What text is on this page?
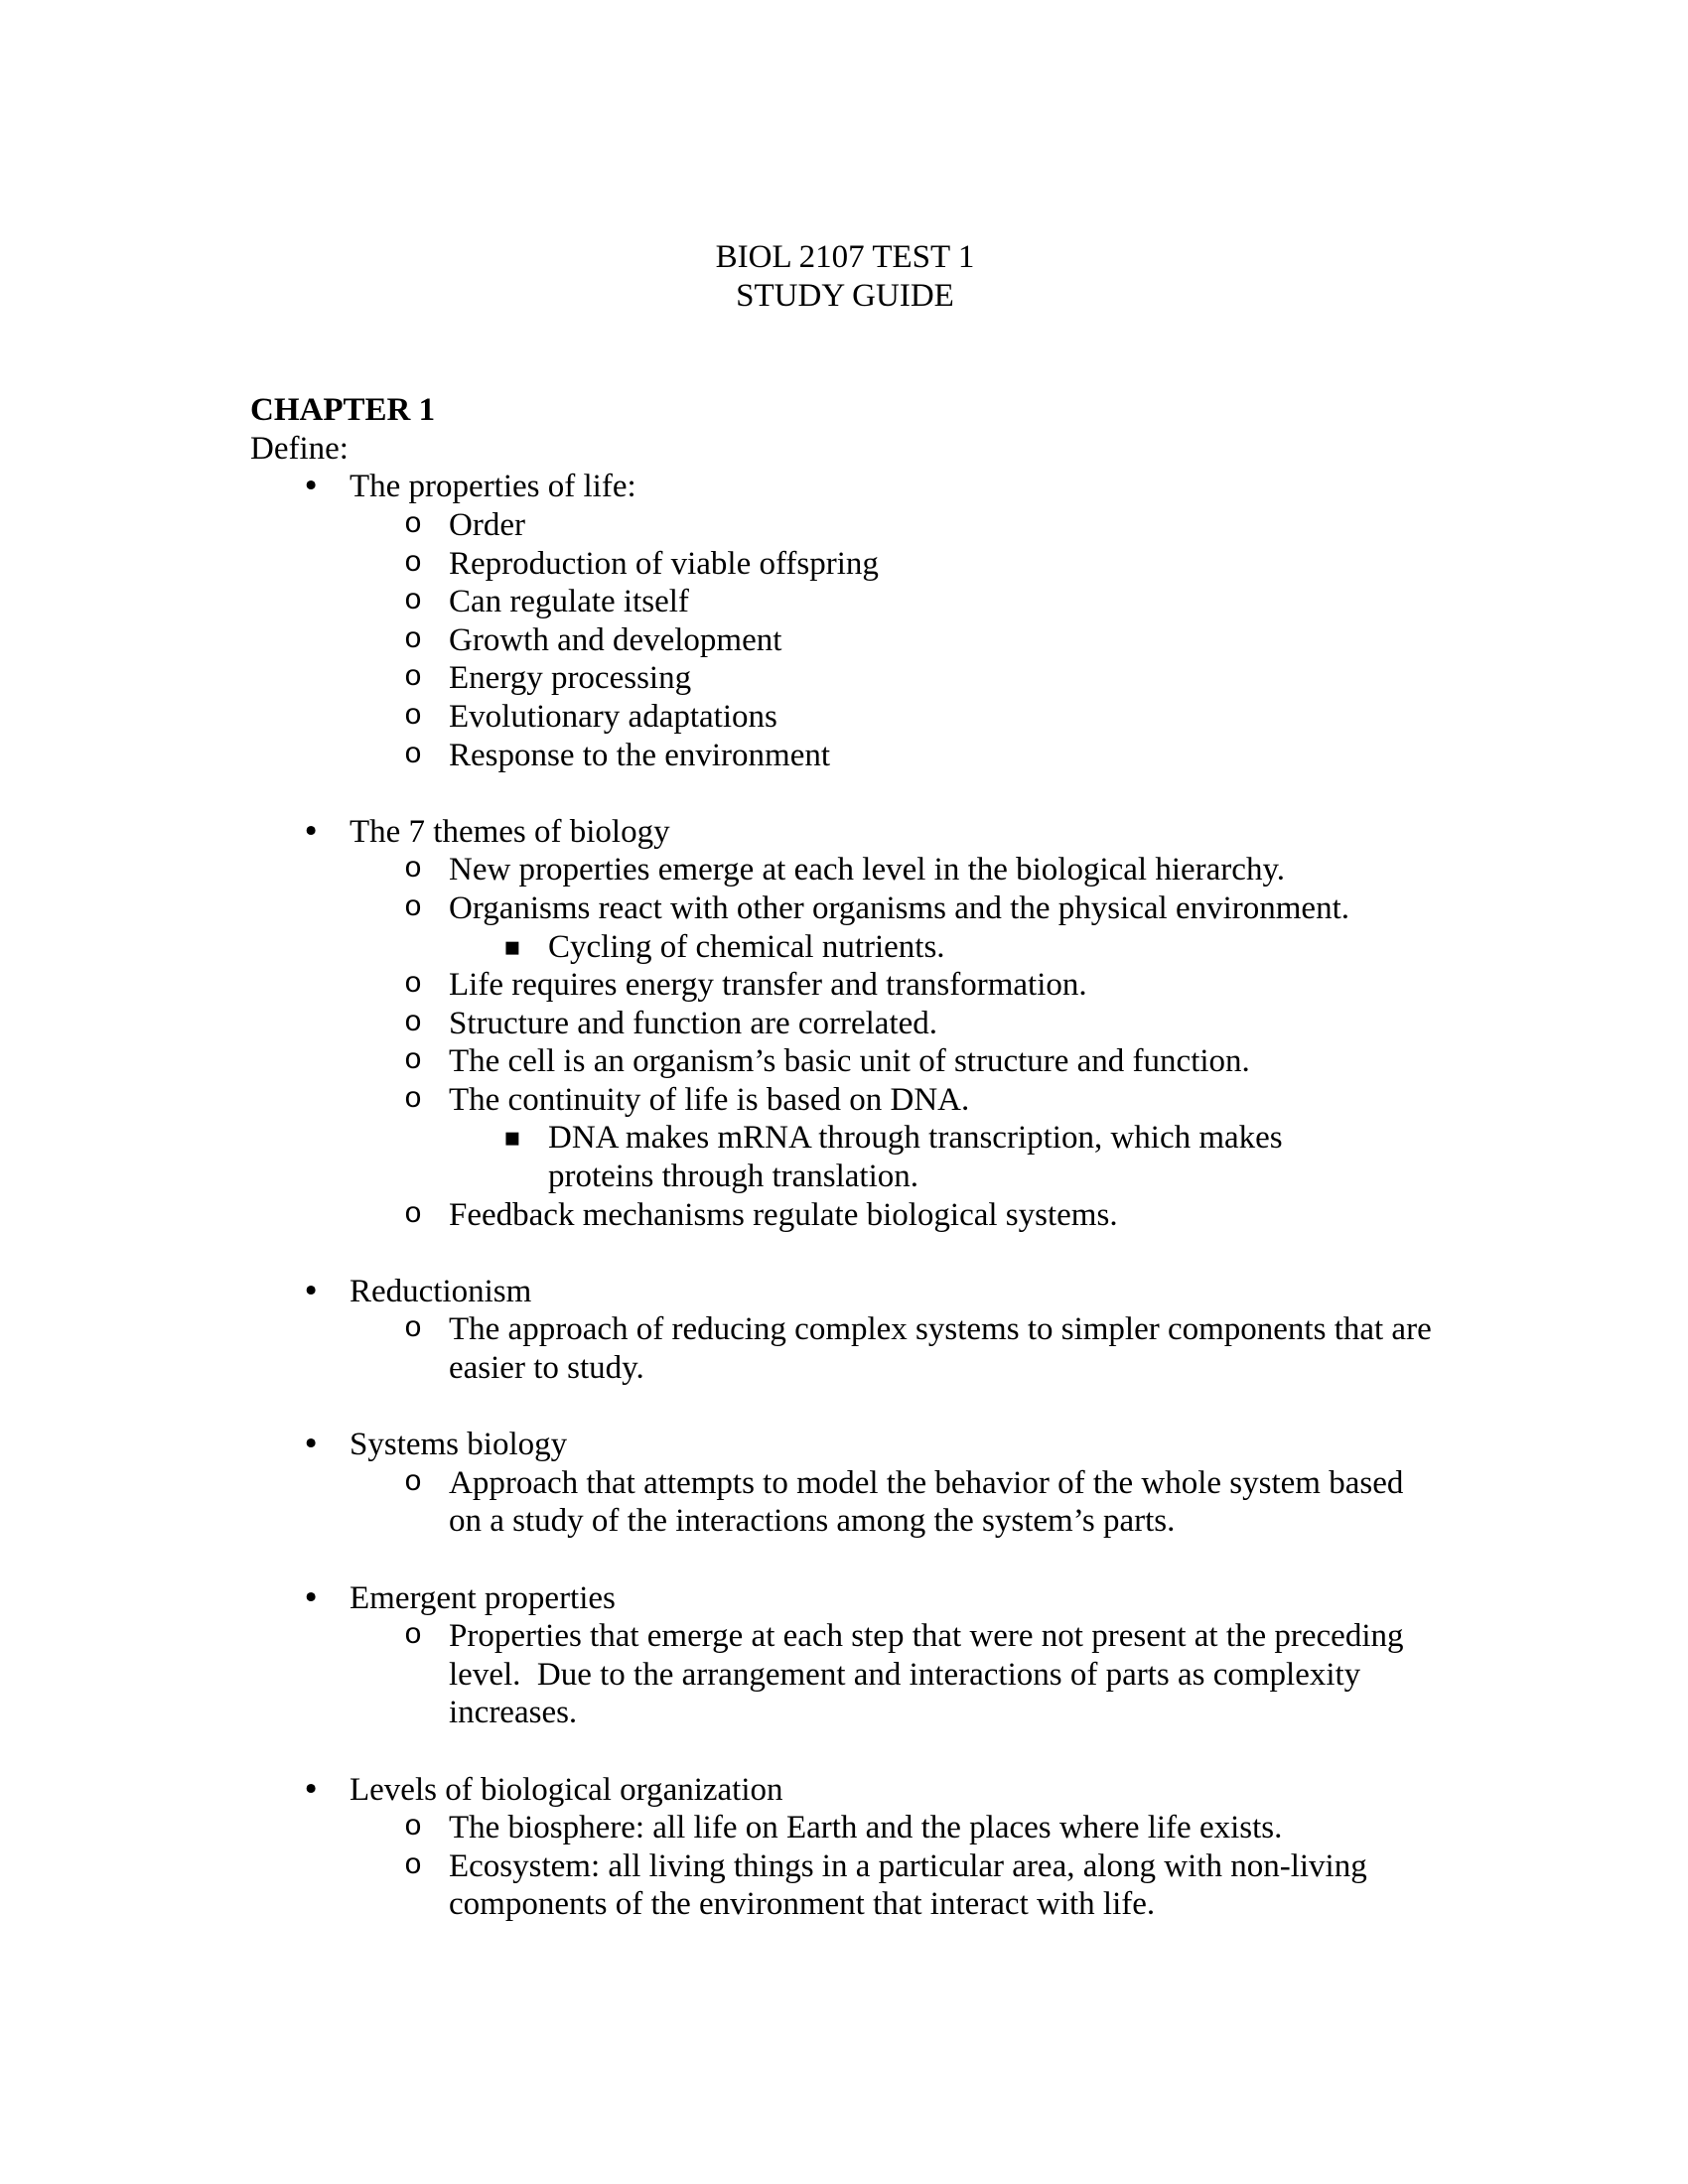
BIOL 2107 TEST 1
STUDY GUIDE
CHAPTER 1
Define:
• The properties of life:
o Order
o Reproduction of viable offspring
o Can regulate itself
o Growth and development
o Energy processing
o Evolutionary adaptations
o Response to the environment
• The 7 themes of biology
o New properties emerge at each level in the biological hierarchy.
o Organisms react with other organisms and the physical environment.
▪ Cycling of chemical nutrients.
o Life requires energy transfer and transformation.
o Structure and function are correlated.
o The cell is an organism’s basic unit of structure and function.
o The continuity of life is based on DNA.
▪ DNA makes mRNA through transcription, which makes proteins through translation.
o Feedback mechanisms regulate biological systems.
• Reductionism
o The approach of reducing complex systems to simpler components that are easier to study.
• Systems biology
o Approach that attempts to model the behavior of the whole system based on a study of the interactions among the system’s parts.
• Emergent properties
o Properties that emerge at each step that were not present at the preceding level.  Due to the arrangement and interactions of parts as complexity increases.
• Levels of biological organization
o The biosphere: all life on Earth and the places where life exists.
o Ecosystem: all living things in a particular area, along with non-living components of the environment that interact with life.
